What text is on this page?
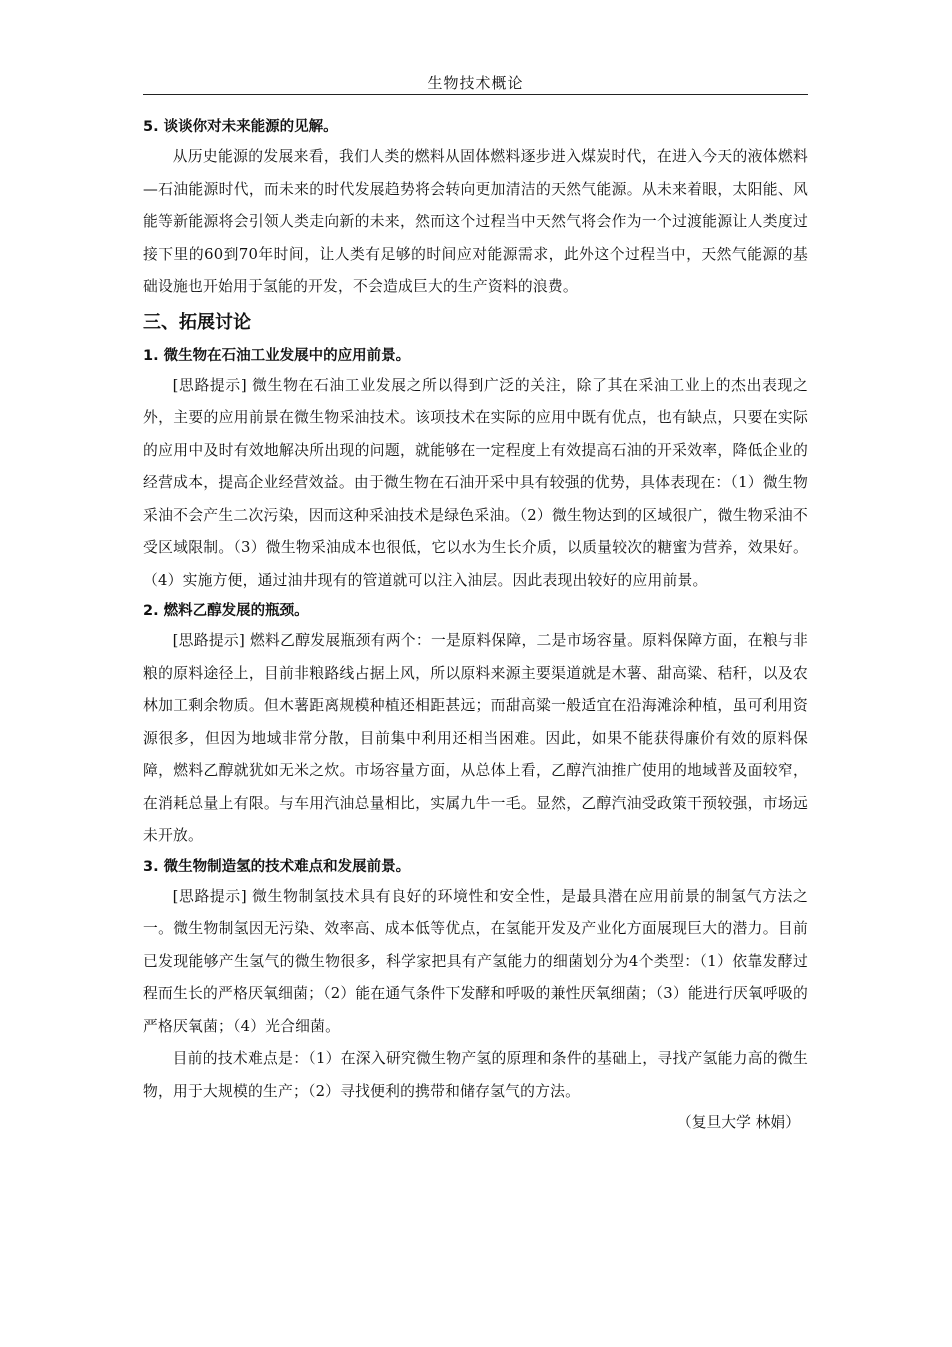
生物技术概论

5. 谈谈你对未来能源的见解。

从历史能源的发展来看，我们人类的燃料从固体燃料逐步进入煤炭时代，在进入今天的液体燃料—石油能源时代，而未来的时代发展趋势将会转向更加清洁的天然气能源。从未来着眼，太阳能、风能等新能源将会引领人类走向新的未来，然而这个过程当中天然气将会作为一个过渡能源让人类度过接下里的60到70年时间，让人类有足够的时间应对能源需求，此外这个过程当中，天然气能源的基础设施也开始用于氢能的开发，不会造成巨大的生产资料的浪费。

三、拓展讨论

1. 微生物在石油工业发展中的应用前景。

[思路提示] 微生物在石油工业发展之所以得到广泛的关注，除了其在采油工业上的杰出表现之外，主要的应用前景在微生物采油技术。该项技术在实际的应用中既有优点，也有缺点，只要在实际的应用中及时有效地解决所出现的问题，就能够在一定程度上有效提高石油的开采效率，降低企业的经营成本，提高企业经营效益。由于微生物在石油开采中具有较强的优势，具体表现在：（1）微生物采油不会产生二次污染，因而这种采油技术是绿色采油。（2）微生物达到的区域很广，微生物采油不受区域限制。（3）微生物采油成本也很低，它以水为生长介质，以质量较次的糖蜜为营养，效果好。（4）实施方便，通过油井现有的管道就可以注入油层。因此表现出较好的应用前景。

2. 燃料乙醇发展的瓶颈。

[思路提示] 燃料乙醇发展瓶颈有两个：一是原料保障，二是市场容量。原料保障方面，在粮与非粮的原料途径上，目前非粮路线占据上风，所以原料来源主要渠道就是木薯、甜高粱、秸秆，以及农林加工剩余物质。但木薯距离规模种植还相距甚远；而甜高粱一般适宜在沿海滩涂种植，虽可利用资源很多，但因为地域非常分散，目前集中利用还相当困难。因此，如果不能获得廉价有效的原料保障，燃料乙醇就犹如无米之炊。市场容量方面，从总体上看，乙醇汽油推广使用的地域普及面较窄，在消耗总量上有限。与车用汽油总量相比，实属九牛一毛。显然，乙醇汽油受政策干预较强，市场远未开放。

3. 微生物制造氢的技术难点和发展前景。

[思路提示] 微生物制氢技术具有良好的环境性和安全性，是最具潜在应用前景的制氢气方法之一。微生物制氢因无污染、效率高、成本低等优点，在氢能开发及产业化方面展现巨大的潜力。目前已发现能够产生氢气的微生物很多，科学家把具有产氢能力的细菌划分为4个类型：（1）依靠发酵过程而生长的严格厌氧细菌；（2）能在通气条件下发酵和呼吸的兼性厌氧细菌；（3）能进行厌氧呼吸的严格厌氧菌；（4）光合细菌。

目前的技术难点是：（1）在深入研究微生物产氢的原理和条件的基础上，寻找产氢能力高的微生物，用于大规模的生产；（2）寻找便利的携带和储存氢气的方法。

（复旦大学 林娟）
